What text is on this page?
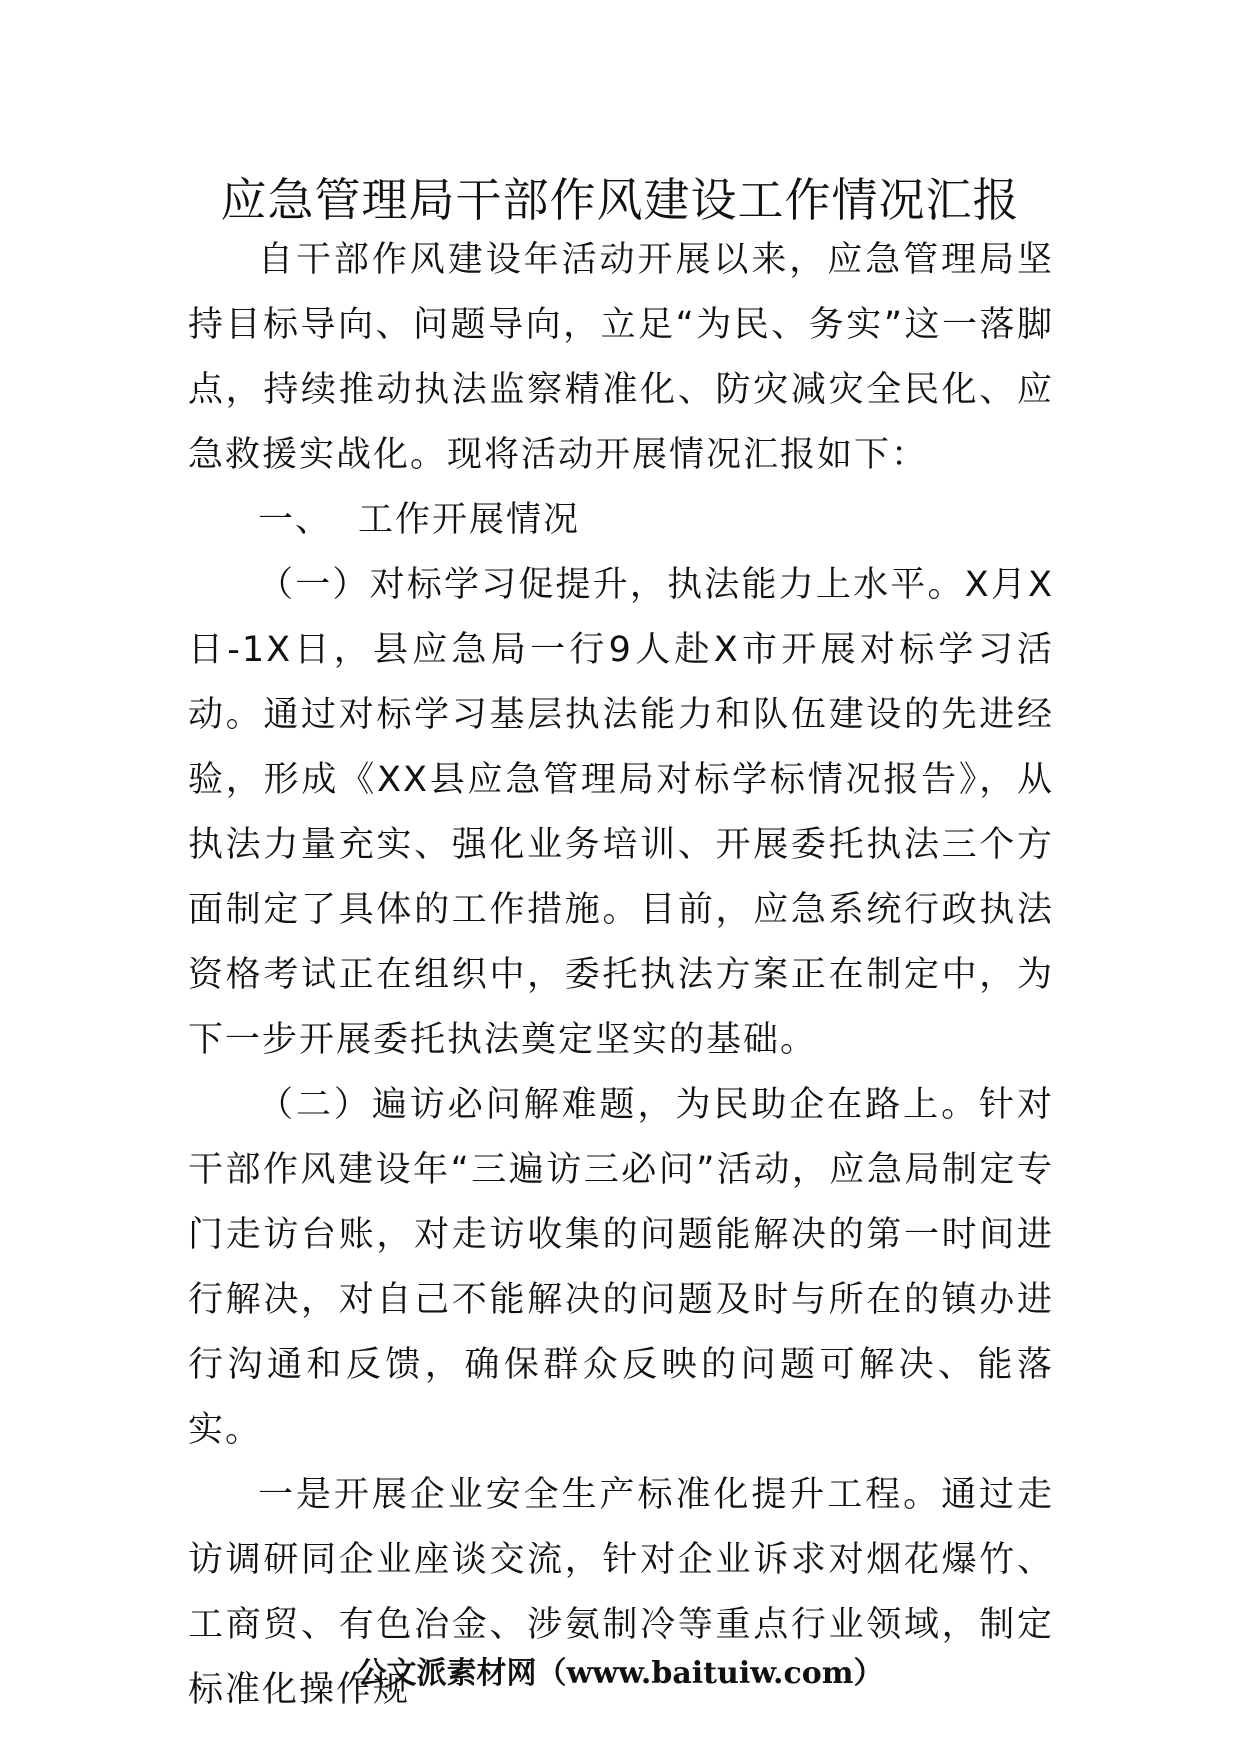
应急管理局干部作风建设工作情况汇报

自干部作风建设年活动开展以来，应急管理局坚持目标导向、问题导向，立足“为民、务实”这一落脚点，持续推动执法监察精准化、防灾减灾全民化、应急救援实战化。现将活动开展情况汇报如下：

一、 工作开展情况

（一）对标学习促提升，执法能力上水平。X月X日-1X日，县应急局一行9人赴X市开展对标学习活动。通过对标学习基层执法能力和队伍建设的先进经验，形成《XX县应急管理局对标学标情况报告》，从执法力量充实、强化业务培训、开展委托执法三个方面制定了具体的工作措施。目前，应急系统行政执法资格考试正在组织中，委托执法方案正在制定中，为下一步开展委托执法奠定坚实的基础。

（二）遍访必问解难题，为民助企在路上。针对干部作风建设年“三遍访三必问”活动，应急局制定专门走访台账，对走访收集的问题能解决的第一时间进行解决，对自己不能解决的问题及时与所在的镇办进行沟通和反馈，确保群众反映的问题可解决、能落实。

一是开展企业安全生产标准化提升工程。通过走访调研同企业座谈交流，针对企业诉求对烟花爆竹、工商贸、有色冶金、涉氨制冷等重点行业领域，制定标准化操作规

公文派素材网（www.baituiw.com）
